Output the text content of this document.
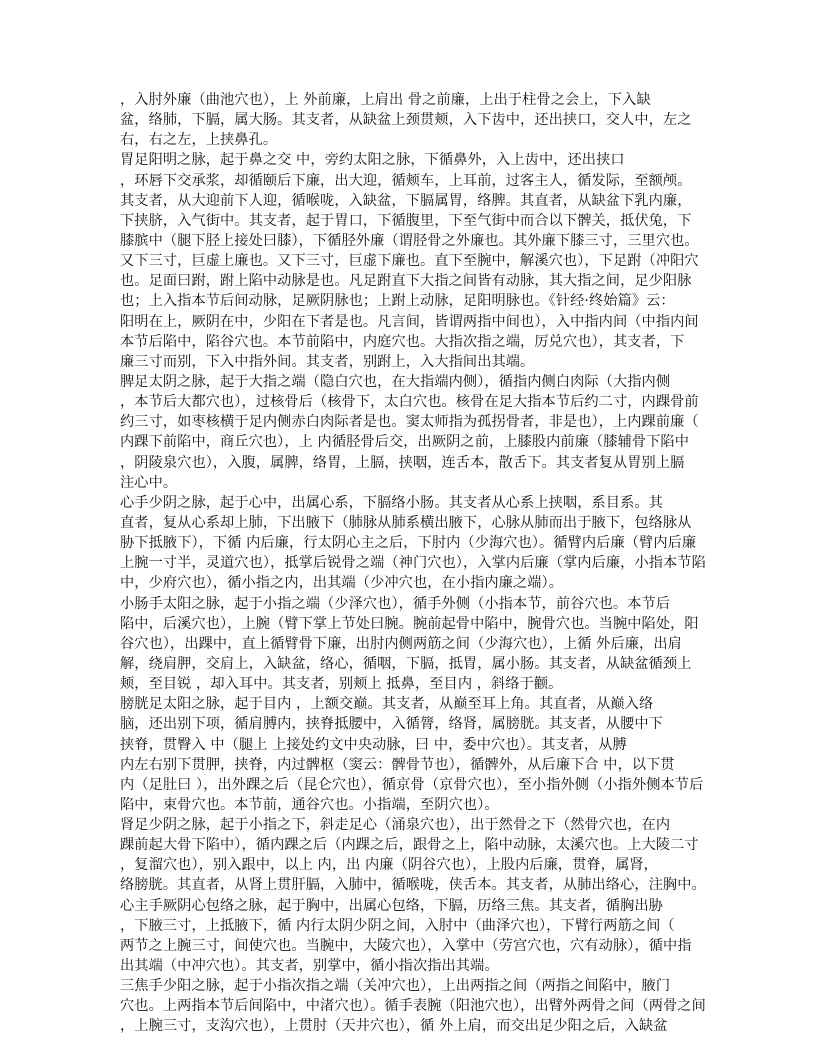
，入肘外廉（曲池穴也），上 外前廉，上肩出 骨之前廉，上出于柱骨之会上，下入缺
盆，络肺，下膈，属大肠。其支者，从缺盆上颈贯颊，入下齿中，还出挟口，交人中，左之
右，右之左，上挟鼻孔。
胃足阳明之脉，起于鼻之交 中，旁约太阳之脉，下循鼻外，入上齿中，还出挟口
，环唇下交承浆，却循颐后下廉，出大迎，循颊车，上耳前，过客主人，循发际，至额颅。
其支者，从大迎前下人迎，循喉咙，入缺盆，下膈属胃，络脾。其直者，从缺盆下乳内廉，
下挟脐，入气街中。其支者，起于胃口，下循腹里，下至气街中而合以下髀关，抵伏兔，下
膝膑中（腿下胫上接处曰膝），下循胫外廉（谓胫骨之外廉也。其外廉下膝三寸，三里穴也。
又下三寸，巨虚上廉也。又下三寸，巨虚下廉也。直下至腕中，解溪穴也），下足跗（冲阳穴
也。足面曰跗，跗上陷中动脉是也。凡足跗直下大指之间皆有动脉，其大指之间，足少阳脉
也；上入指本节后间动脉，足厥阴脉也；上跗上动脉，足阳明脉也。《针经·终始篇》云：
阳明在上，厥阴在中，少阳在下者是也。凡言间，皆谓两指中间也），入中指内间（中指内间
本节后陷中，陷谷穴也。本节前陷中，内庭穴也。大指次指之端，厉兑穴也），其支者，下
廉三寸而别，下入中指外间。其支者，别跗上，入大指间出其端。
脾足太阴之脉，起于大指之端（隐白穴也，在大指端内侧），循指内侧白肉际（大指内侧
，本节后大都穴也），过核骨后（核骨下，太白穴也。核骨在足大指本节后约二寸，内踝骨前
约三寸，如枣核横于足内侧赤白肉际者是也。窦太师指为孤拐骨者，非是也），上内踝前廉（
内踝下前陷中，商丘穴也），上 内循胫骨后交，出厥阴之前，上膝股内前廉（膝辅骨下陷中
，阴陵泉穴也），入腹，属脾，络胃，上膈，挟咽，连舌本，散舌下。其支者复从胃别上膈
注心中。
心手少阴之脉，起于心中，出属心系，下膈络小肠。其支者从心系上挟咽，系目系。其
直者，复从心系却上肺，下出腋下（肺脉从肺系横出腋下，心脉从肺而出于腋下，包络脉从
胁下抵腋下），下循 内后廉，行太阴心主之后，下肘内（少海穴也）。循臂内后廉（臂内后廉
上腕一寸半，灵道穴也），抵掌后锐骨之端（神门穴也），入掌内后廉（掌内后廉，小指本节陷
中，少府穴也），循小指之内，出其端（少冲穴也，在小指内廉之端）。
小肠手太阳之脉，起于小指之端（少泽穴也），循手外侧（小指本节，前谷穴也。本节后
陷中，后溪穴也），上腕（臂下掌上节处曰腕。腕前起骨中陷中，腕骨穴也。当腕中陷处，阳
谷穴也），出踝中，直上循臂骨下廉，出肘内侧两筋之间（少海穴也），上循 外后廉，出肩
解，绕肩胛，交肩上，入缺盆，络心，循咽，下膈，抵胃，属小肠。其支者，从缺盆循颈上
颊，至目锐 ，却入耳中。其支者，别颊上 抵鼻，至目内 ，斜络于颧。
膀胱足太阳之脉，起于目内 ，上额交巅。其支者，从巅至耳上角。其直者，从巅入络
脑，还出别下项，循肩膊内，挟脊抵腰中，入循膂，络肾，属膀胱。其支者，从腰中下
挟脊，贯臀入 中（腿上 上接处约文中央动脉，曰 中，委中穴也）。其支者，从膊
内左右别下贯胛，挟脊，内过髀枢（窦云：髀骨节也），循髀外，从后廉下合 中，以下贯
内（足肚曰 ），出外踝之后（昆仑穴也），循京骨（京骨穴也），至小指外侧（小指外侧本节后
陷中，束骨穴也。本节前，通谷穴也。小指端，至阴穴也）。
肾足少阴之脉，起于小指之下，斜走足心（涌泉穴也），出于然骨之下（然骨穴也，在内
踝前起大骨下陷中），循内踝之后（内踝之后，跟骨之上，陷中动脉，太溪穴也。上大陵二寸
，复溜穴也），别入跟中，以上 内，出 内廉（阴谷穴也），上股内后廉，贯脊，属肾，
络膀胱。其直者，从肾上贯肝膈，入肺中，循喉咙，侠舌本。其支者，从肺出络心，注胸中。
心主手厥阴心包络之脉，起于胸中，出属心包络，下膈，历络三焦。其支者，循胸出胁
，下腋三寸，上抵腋下，循 内行太阴少阴之间，入肘中（曲泽穴也），下臂行两筋之间（
两节之上腕三寸，间使穴也。当腕中，大陵穴也），入掌中（劳宫穴也，穴有动脉），循中指
出其端（中冲穴也）。其支者，别掌中，循小指次指出其端。
三焦手少阳之脉，起于小指次指之端（关冲穴也），上出两指之间（两指之间陷中，腋门
穴也。上两指本节后间陷中，中渚穴也）。循手表腕（阳池穴也），出臂外两骨之间（两骨之间
，上腕三寸，支沟穴也），上贯肘（天井穴也），循 外上肩，而交出足少阳之后，入缺盆
